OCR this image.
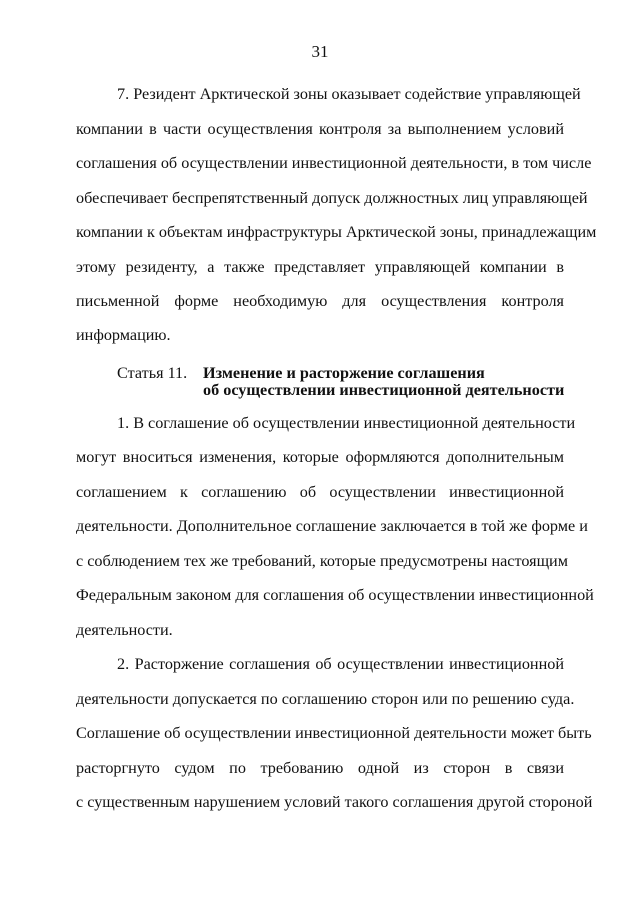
31
7. Резидент Арктической зоны оказывает содействие управляющей
компании в части осуществления контроля за выполнением условий
соглашения об осуществлении инвестиционной деятельности, в том числе
обеспечивает беспрепятственный допуск должностных лиц управляющей
компании к объектам инфраструктуры Арктической зоны, принадлежащим
этому резиденту, а также представляет управляющей компании в
письменной форме необходимую для осуществления контроля
информацию.
Статья 11. Изменение и расторжение соглашения
об осуществлении инвестиционной деятельности
1. В соглашение об осуществлении инвестиционной деятельности
могут вноситься изменения, которые оформляются дополнительным
соглашением к соглашению об осуществлении инвестиционной
деятельности. Дополнительное соглашение заключается в той же форме и
с соблюдением тех же требований, которые предусмотрены настоящим
Федеральным законом для соглашения об осуществлении инвестиционной
деятельности.
2. Расторжение соглашения об осуществлении инвестиционной
деятельности допускается по соглашению сторон или по решению суда.
Соглашение об осуществлении инвестиционной деятельности может быть
расторгнуто судом по требованию одной из сторон в связи
с существенным нарушением условий такого соглашения другой стороной
